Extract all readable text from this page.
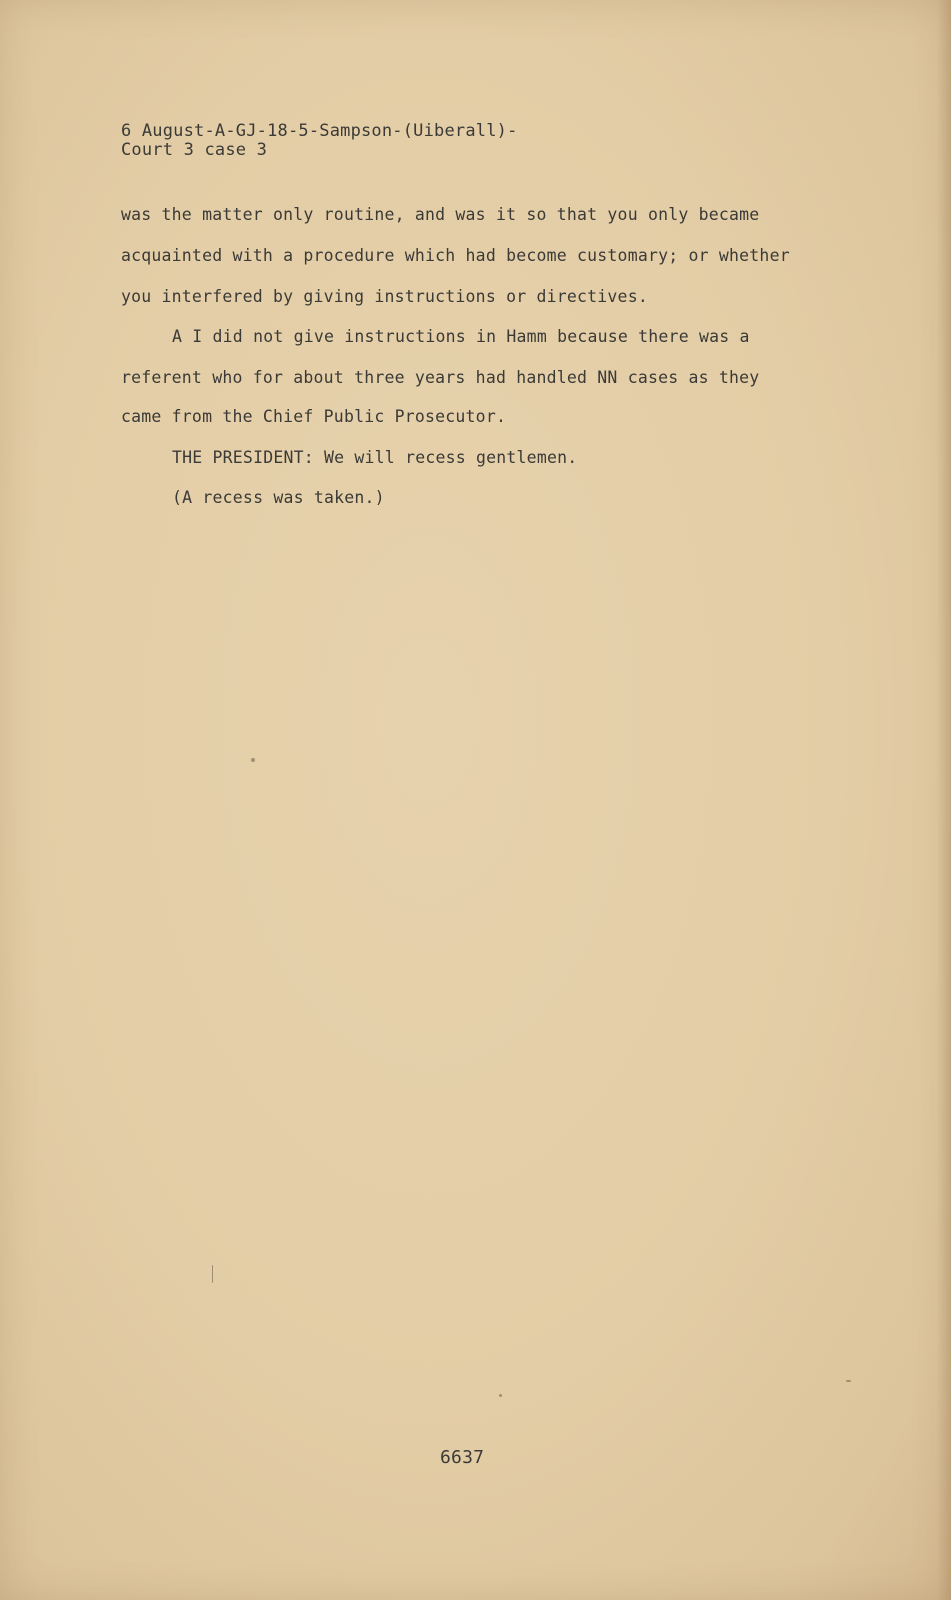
6 August-A-GJ-18-5-Sampson-(Uiberall)-
Court 3 case 3
was the matter only routine, and was it so that you only became
acquainted with a procedure which had become customary; or whether
you interfered by giving instructions or directives.
A I did not give instructions in Hamm because there was a
referent who for about three years had handled NN cases as they
came from the Chief Public Prosecutor.
THE PRESIDENT: We will recess gentlemen.
(A recess was taken.)
6637
